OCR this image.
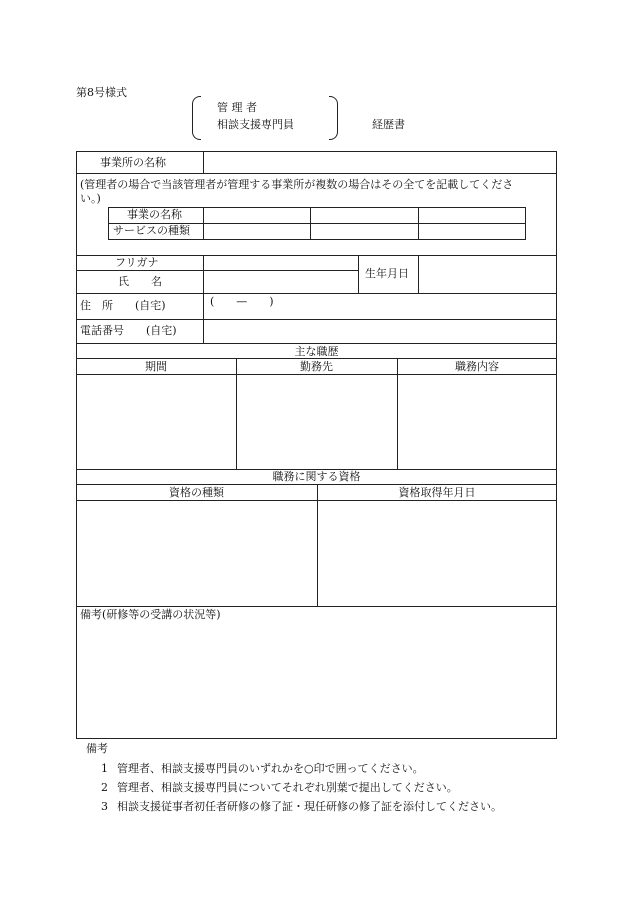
第8号様式
管 理 者
相談支援専門員	経歴書
事業所の名称
(管理者の場合で当該管理者が管理する事業所が複数の場合はその全てを記載してくださ
い。)
事業の名称
サービスの種類
フリガナ
氏　　名
生年月日
住　所　　(自宅)	(　　—　　)
電話番号　　(自宅)
主な職歴
期間	勤務先	職務内容
職務に関する資格
資格の種類	資格取得年月日
備考(研修等の受講の状況等)
備考
1 管理者、相談支援専門員のいずれかを○印で囲ってください。
2 管理者、相談支援専門員についてそれぞれ別葉で提出してください。
3 相談支援従事者初任者研修の修了証・現任研修の修了証を添付してください。
